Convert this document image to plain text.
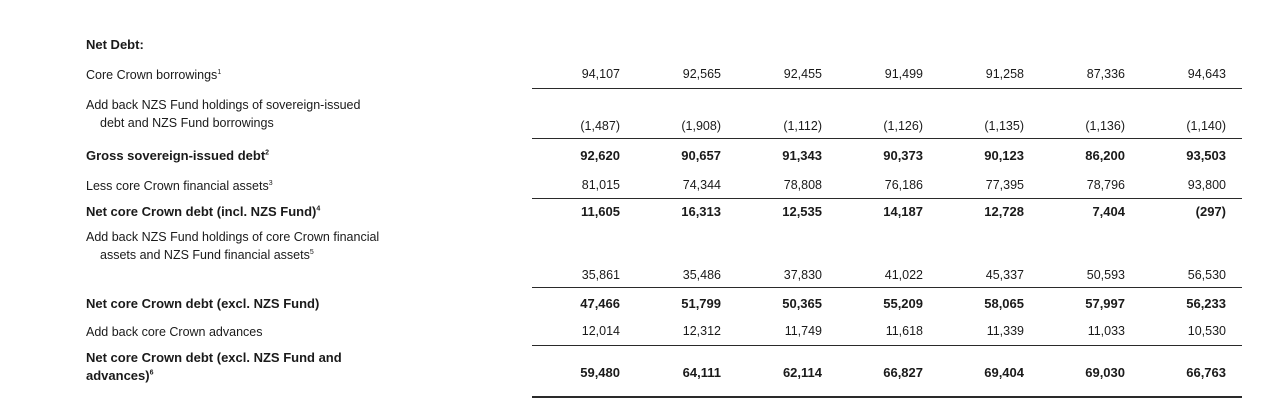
Net Debt:
Core Crown borrowings$^1$	94,107	92,565	92,455	91,499	91,258	87,336	94,643
Add back NZS Fund holdings of sovereign-issued
debt and NZS Fund borrowings	(1,487)	(1,908)	(1,112)	(1,126)	(1,135)	(1,136)	(1,140)
Gross sovereign-issued debt$^2$	92,620	90,657	91,343	90,373	90,123	86,200	93,503
Less core Crown financial assets$^3$	81,015	74,344	78,808	76,186	77,395	78,796	93,800
Net core Crown debt (incl. NZS Fund)$^4$	11,605	16,313	12,535	14,187	12,728	7,404	(297)
Add back NZS Fund holdings of core Crown financial
assets and NZS Fund financial assets$^5$
35,861	35,486	37,830	41,022	45,337	50,593	56,530
Net core Crown debt (excl. NZS Fund)	47,466	51,799	50,365	55,209	58,065	57,997	56,233
Add back core Crown advances	12,014	12,312	11,749	11,618	11,339	11,033	10,530
Net core Crown debt (excl. NZS Fund and
advances)$^6$	59,480	64,111	62,114	66,827	69,404	69,030	66,763
